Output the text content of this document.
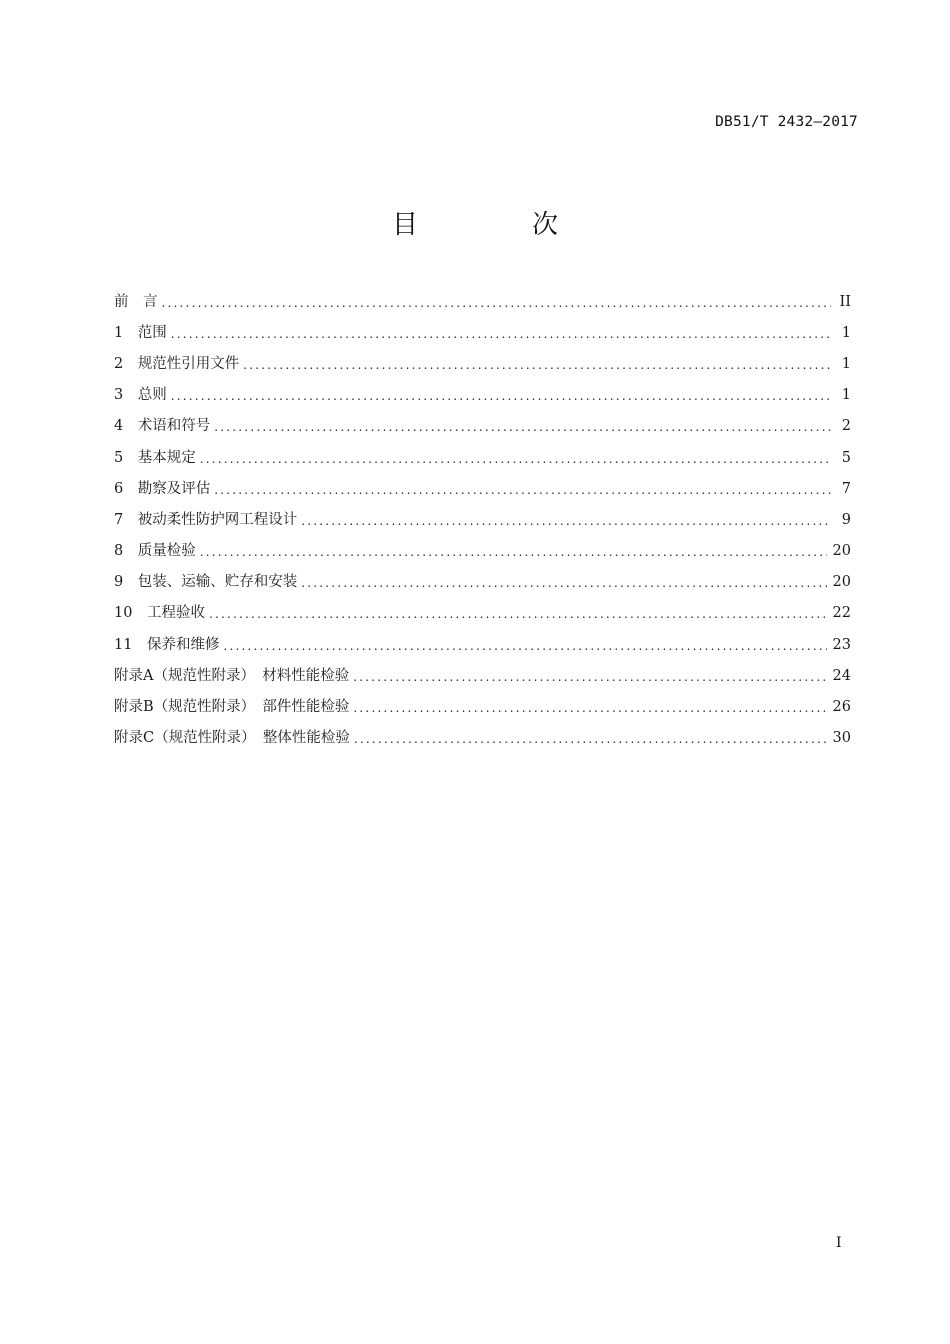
DB51/T 2432—2017
目　次
前　言 .....	II
1　范围 .....	1
2　规范性引用文件 .....	1
3　总则 .....	1
4　术语和符号 .....	2
5　基本规定 .....	5
6　勘察及评估 .....	7
7　被动柔性防护网工程设计 .....	9
8　质量检验 .....	20
9　包装、运输、贮存和安装 .....	20
10　工程验收 .....	22
11　保养和维修 .....	23
附录A（规范性附录）　材料性能检验 .....	24
附录B（规范性附录）　部件性能检验 .....	26
附录C（规范性附录）　整体性能检验 .....	30
I
